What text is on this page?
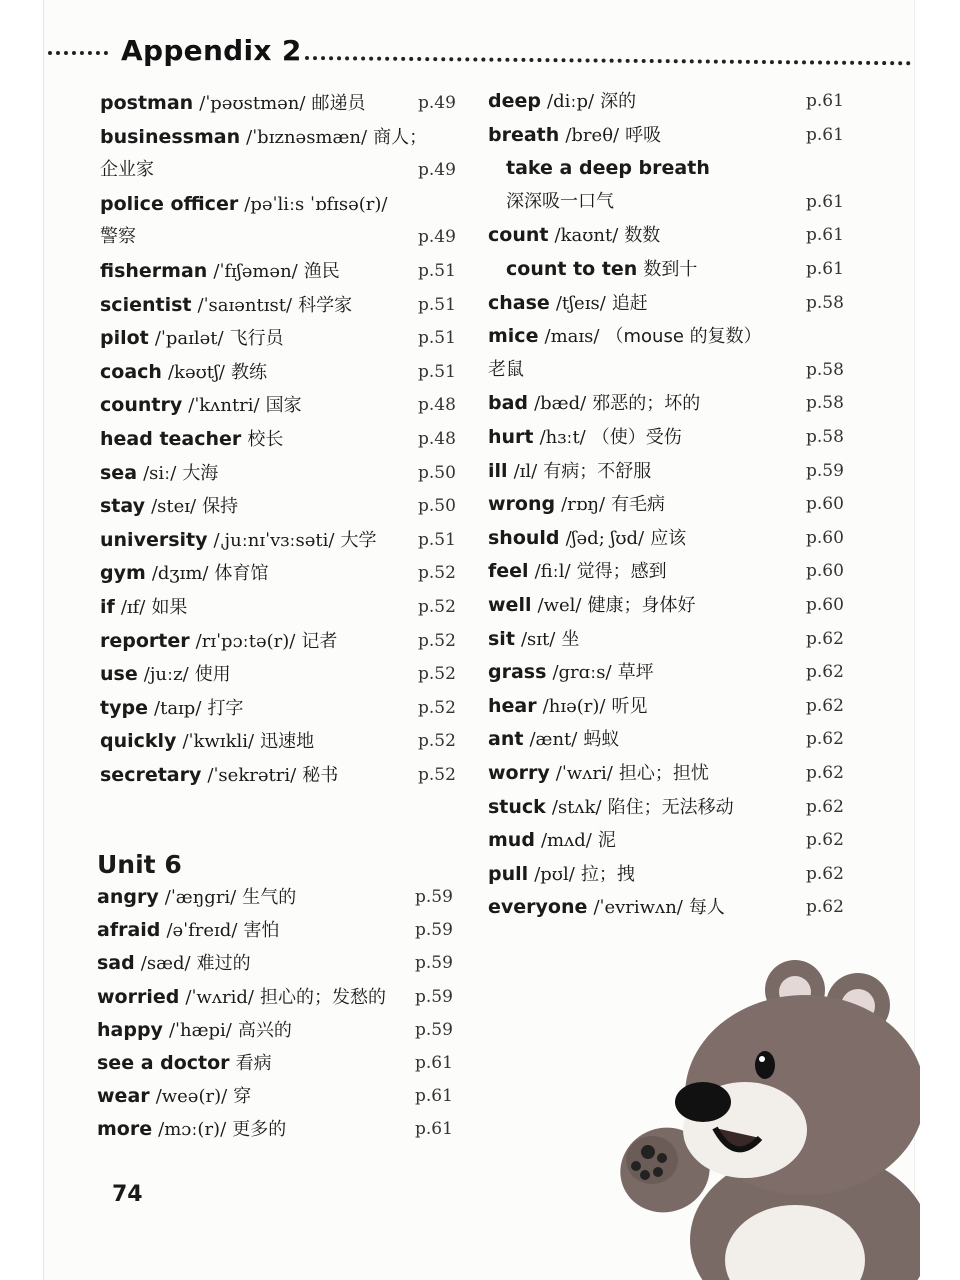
Appendix 2
postman /ˈpəʊstmən/ 邮递员	p.49
businessman /ˈbɪznəsmæn/ 商人；
企业家	p.49
police officer /pəˈliːs ˈɒfɪsə(r)/
警察	p.49
fisherman /ˈfɪʃəmən/ 渔民	p.51
scientist /ˈsaɪəntɪst/ 科学家	p.51
pilot /ˈpaɪlət/ 飞行员	p.51
coach /kəʊtʃ/ 教练	p.51
country /ˈkʌntri/ 国家	p.48
head teacher 校长	p.48
sea /siː/ 大海	p.50
stay /steɪ/ 保持	p.50
university /ˌjuːnɪˈvɜːsəti/ 大学 p.51
gym /dʒɪm/ 体育馆	p.52
if /ɪf/ 如果	p.52
reporter /rɪˈpɔːtə(r)/ 记者	p.52
use /juːz/ 使用	p.52
type /taɪp/ 打字	p.52
quickly /ˈkwɪkli/ 迅速地	p.52
secretary /ˈsekrətri/ 秘书	p.52
Unit 6
angry /ˈæŋgri/ 生气的	p.59
afraid /əˈfreɪd/ 害怕	p.59
sad /sæd/ 难过的	p.59
worried /ˈwʌrid/ 担心的；发愁的 p.59
happy /ˈhæpi/ 高兴的	p.59
see a doctor 看病	p.61
wear /weə(r)/ 穿	p.61
more /mɔː(r)/ 更多的	p.61
deep /diːp/ 深的	p.61
breath /breθ/ 呼吸	p.61
take a deep breath
深深吸一口气	p.61
count /kaʊnt/ 数数	p.61
count to ten 数到十	p.61
chase /tʃeɪs/ 追赶	p.58
mice /maɪs/ （mouse 的复数）
老鼠	p.58
bad /bæd/ 邪恶的；坏的	p.58
hurt /hɜːt/ （使）受伤	p.58
ill /ɪl/ 有病；不舒服	p.59
wrong /rɒŋ/ 有毛病	p.60
should /ʃəd; ʃʊd/ 应该	p.60
feel /fiːl/ 觉得；感到	p.60
well /wel/ 健康；身体好	p.60
sit /sɪt/ 坐	p.62
grass /grɑːs/ 草坪	p.62
hear /hɪə(r)/ 听见	p.62
ant /ænt/ 蚂蚁	p.62
worry /ˈwʌri/ 担心；担忧	p.62
stuck /stʌk/ 陷住；无法移动	p.62
mud /mʌd/ 泥	p.62
pull /pʊl/ 拉；拽	p.62
everyone /ˈevriwʌn/ 每人	p.62
74
